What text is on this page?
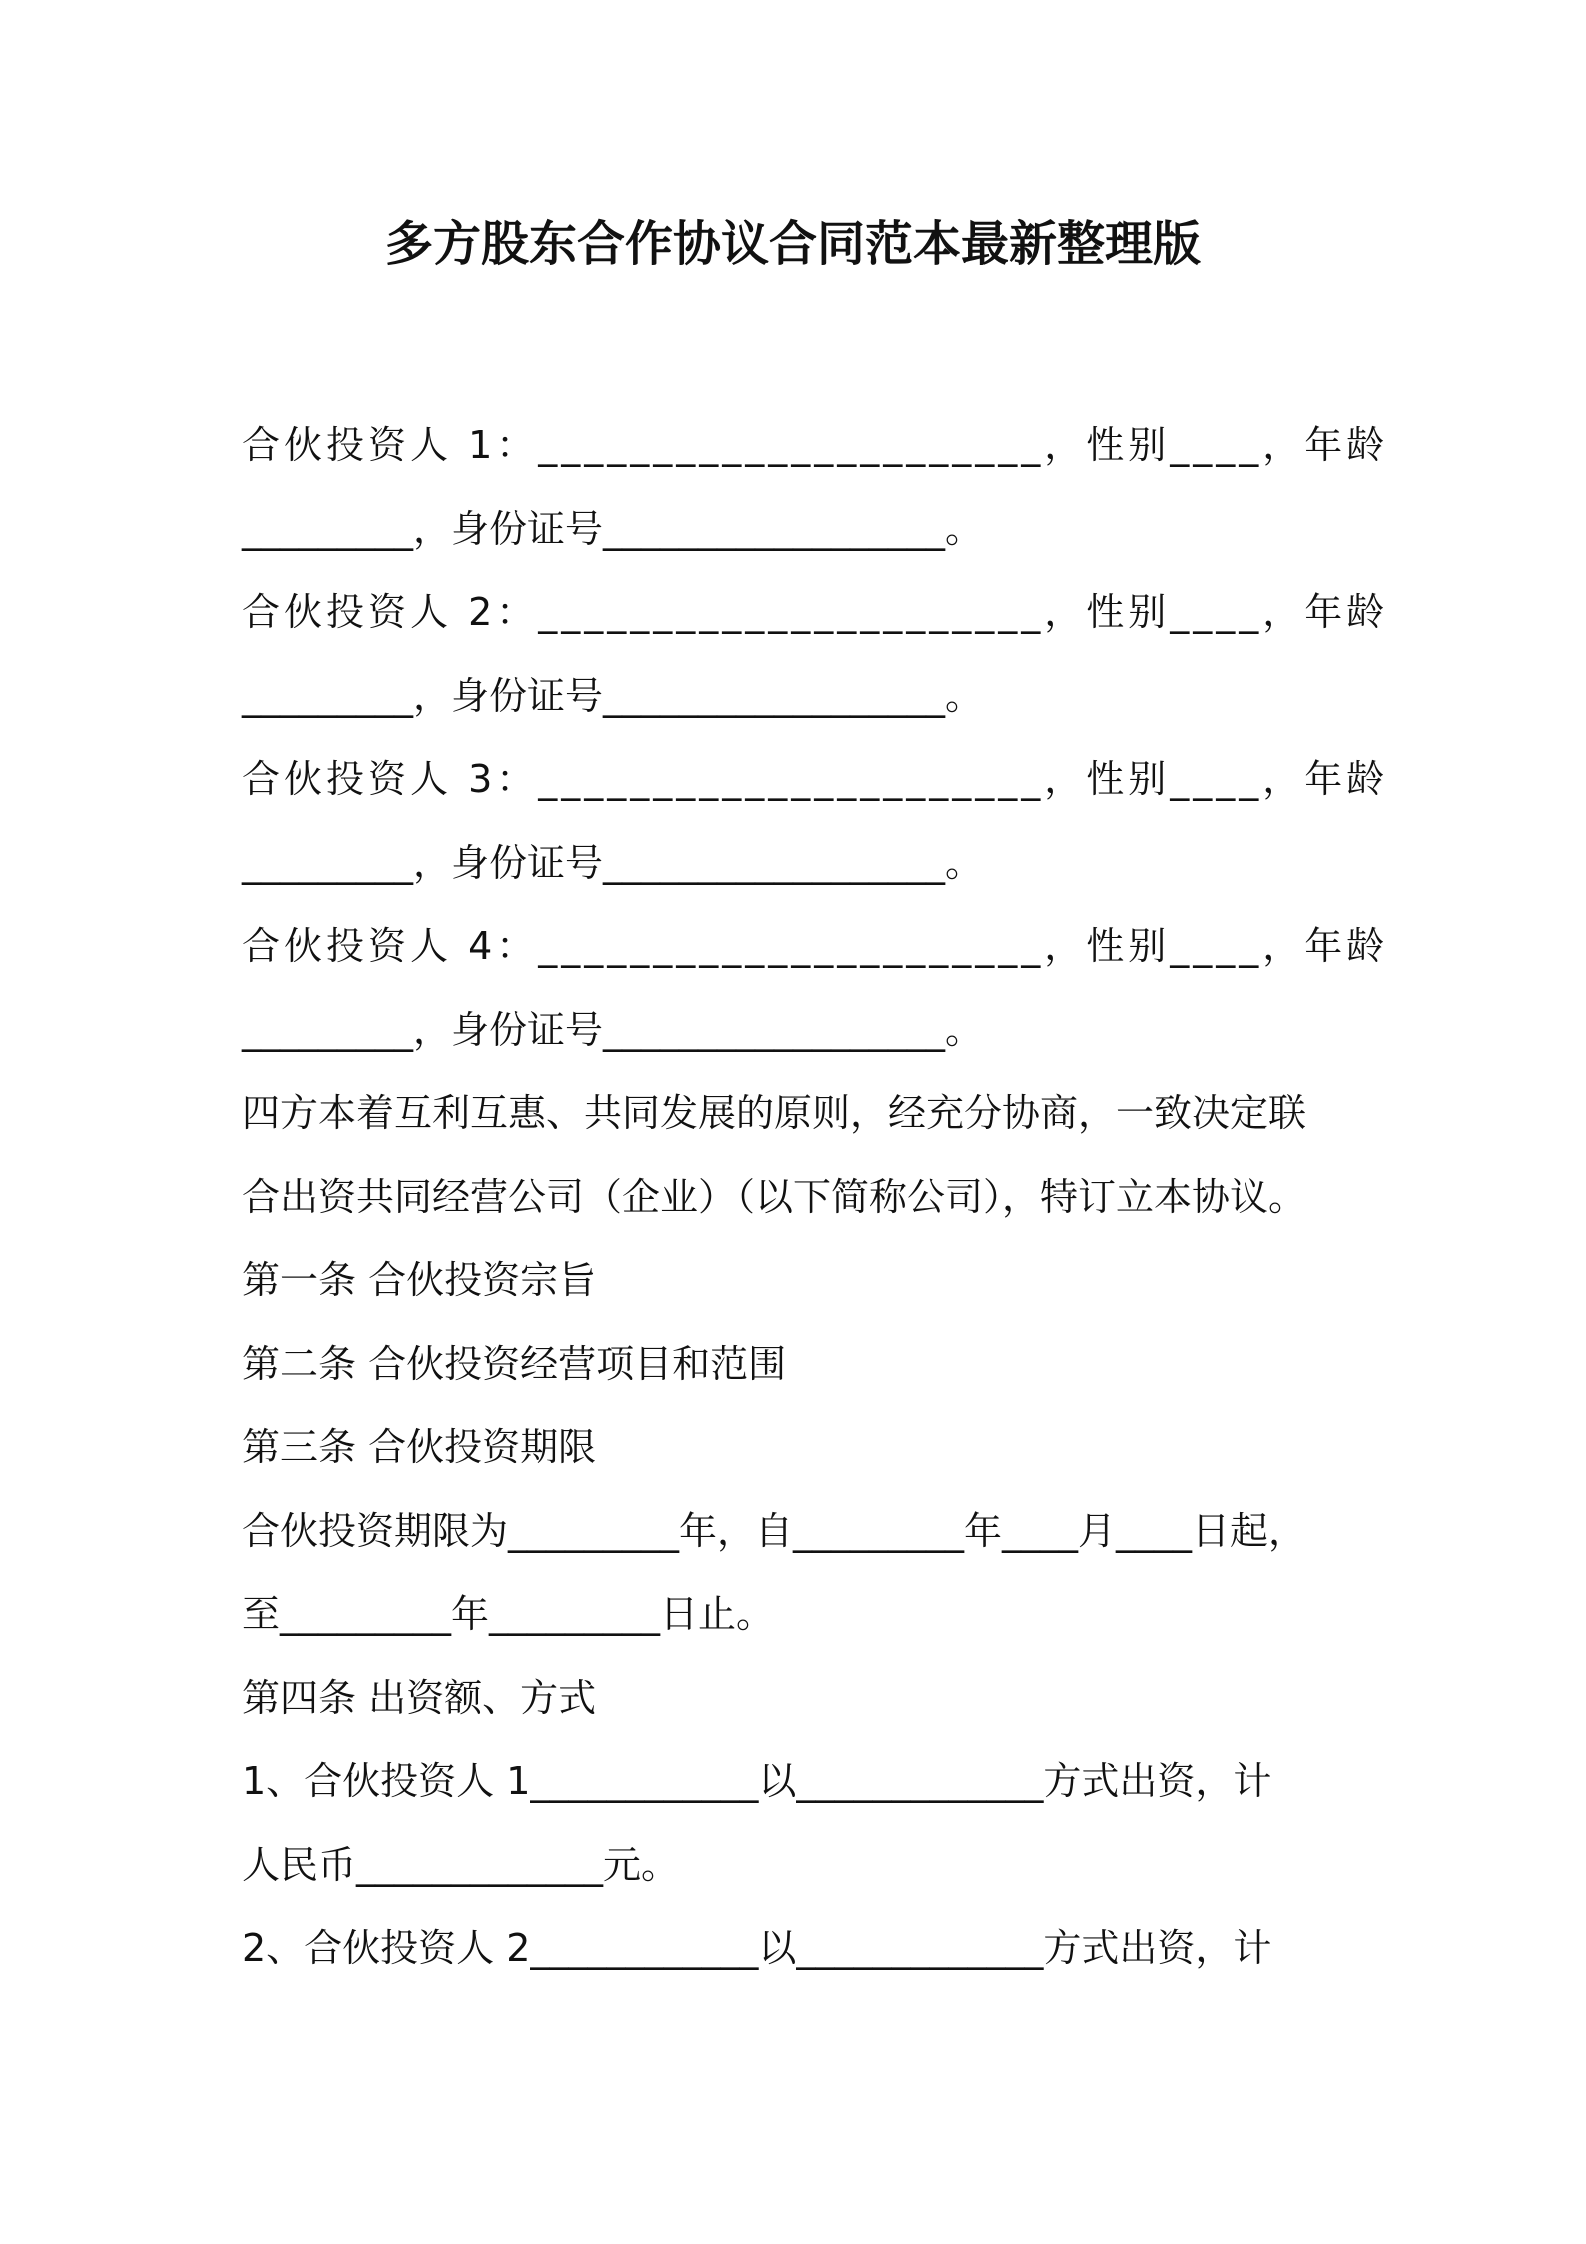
多方股东合作协议合同范本最新整理版

合伙投资人 1：______________________，性别____，年龄

_________，身份证号__________________。

合伙投资人 2：______________________，性别____，年龄

_________，身份证号__________________。

合伙投资人 3：______________________，性别____，年龄

_________，身份证号__________________。

合伙投资人 4：______________________，性别____，年龄

_________，身份证号__________________。

四方本着互利互惠、共同发展的原则，经充分协商，一致决定联

合出资共同经营公司（企业）（以下简称公司），特订立本协议。

第一条 合伙投资宗旨

第二条 合伙投资经营项目和范围

第三条 合伙投资期限

合伙投资期限为_________年，自_________年____月____日起，

至_________年_________日止。

第四条 出资额、方式

1、合伙投资人 1____________以_____________方式出资，计

人民币_____________元。

2、合伙投资人 2____________以_____________方式出资，计
